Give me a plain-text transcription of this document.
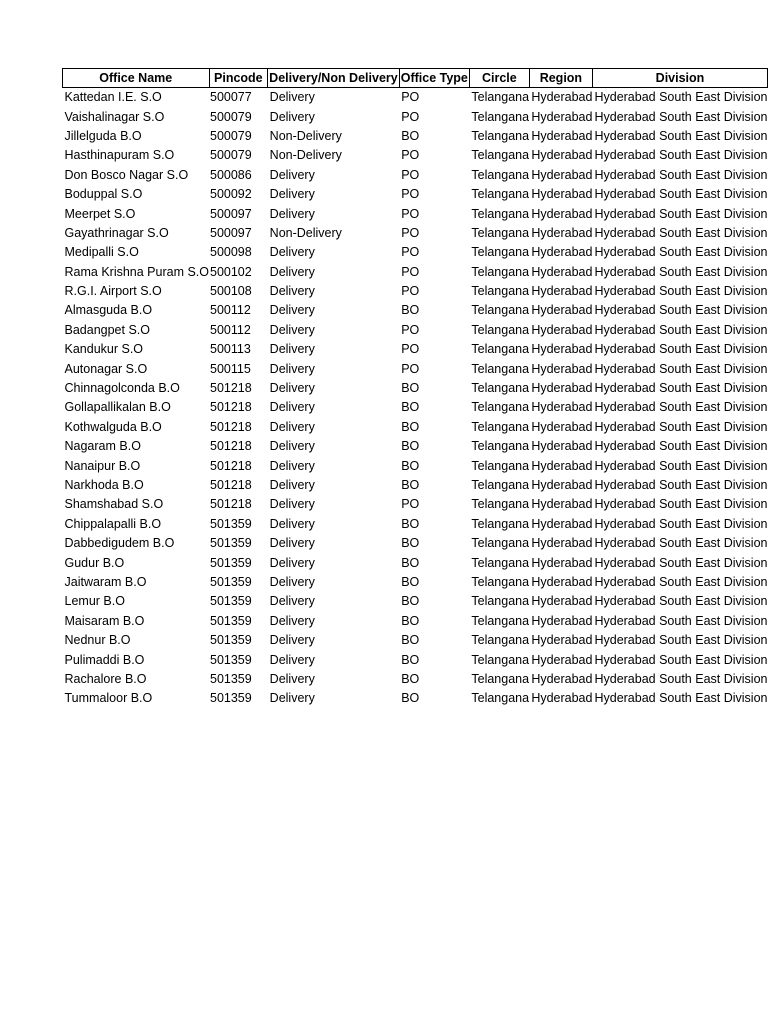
Office Name	Pincode	Delivery/Non Delivery	Office Type	Circle	Region	Division
Kattedan I.E. S.O	500077	Delivery	PO	Telangana	Hyderabad	Hyderabad South East Division
Vaishalinagar S.O	500079	Delivery	PO	Telangana	Hyderabad	Hyderabad South East Division
Jillelguda B.O	500079	Non-Delivery	BO	Telangana	Hyderabad	Hyderabad South East Division
Hasthinapuram S.O	500079	Non-Delivery	PO	Telangana	Hyderabad	Hyderabad South East Division
Don Bosco Nagar S.O	500086	Delivery	PO	Telangana	Hyderabad	Hyderabad South East Division
Boduppal S.O	500092	Delivery	PO	Telangana	Hyderabad	Hyderabad South East Division
Meerpet S.O	500097	Delivery	PO	Telangana	Hyderabad	Hyderabad South East Division
Gayathrinagar S.O	500097	Non-Delivery	PO	Telangana	Hyderabad	Hyderabad South East Division
Medipalli S.O	500098	Delivery	PO	Telangana	Hyderabad	Hyderabad South East Division
Rama Krishna Puram S.O	500102	Delivery	PO	Telangana	Hyderabad	Hyderabad South East Division
R.G.I. Airport S.O	500108	Delivery	PO	Telangana	Hyderabad	Hyderabad South East Division
Almasguda B.O	500112	Delivery	BO	Telangana	Hyderabad	Hyderabad South East Division
Badangpet S.O	500112	Delivery	PO	Telangana	Hyderabad	Hyderabad South East Division
Kandukur S.O	500113	Delivery	PO	Telangana	Hyderabad	Hyderabad South East Division
Autonagar S.O	500115	Delivery	PO	Telangana	Hyderabad	Hyderabad South East Division
Chinnagolconda B.O	501218	Delivery	BO	Telangana	Hyderabad	Hyderabad South East Division
Gollapallikalan B.O	501218	Delivery	BO	Telangana	Hyderabad	Hyderabad South East Division
Kothwalguda B.O	501218	Delivery	BO	Telangana	Hyderabad	Hyderabad South East Division
Nagaram B.O	501218	Delivery	BO	Telangana	Hyderabad	Hyderabad South East Division
Nanaipur B.O	501218	Delivery	BO	Telangana	Hyderabad	Hyderabad South East Division
Narkhoda B.O	501218	Delivery	BO	Telangana	Hyderabad	Hyderabad South East Division
Shamshabad S.O	501218	Delivery	PO	Telangana	Hyderabad	Hyderabad South East Division
Chippalapalli B.O	501359	Delivery	BO	Telangana	Hyderabad	Hyderabad South East Division
Dabbedigudem B.O	501359	Delivery	BO	Telangana	Hyderabad	Hyderabad South East Division
Gudur B.O	501359	Delivery	BO	Telangana	Hyderabad	Hyderabad South East Division
Jaitwaram B.O	501359	Delivery	BO	Telangana	Hyderabad	Hyderabad South East Division
Lemur B.O	501359	Delivery	BO	Telangana	Hyderabad	Hyderabad South East Division
Maisaram B.O	501359	Delivery	BO	Telangana	Hyderabad	Hyderabad South East Division
Nednur B.O	501359	Delivery	BO	Telangana	Hyderabad	Hyderabad South East Division
Pulimaddi B.O	501359	Delivery	BO	Telangana	Hyderabad	Hyderabad South East Division
Rachalore B.O	501359	Delivery	BO	Telangana	Hyderabad	Hyderabad South East Division
Tummaloor B.O	501359	Delivery	BO	Telangana	Hyderabad	Hyderabad South East Division
